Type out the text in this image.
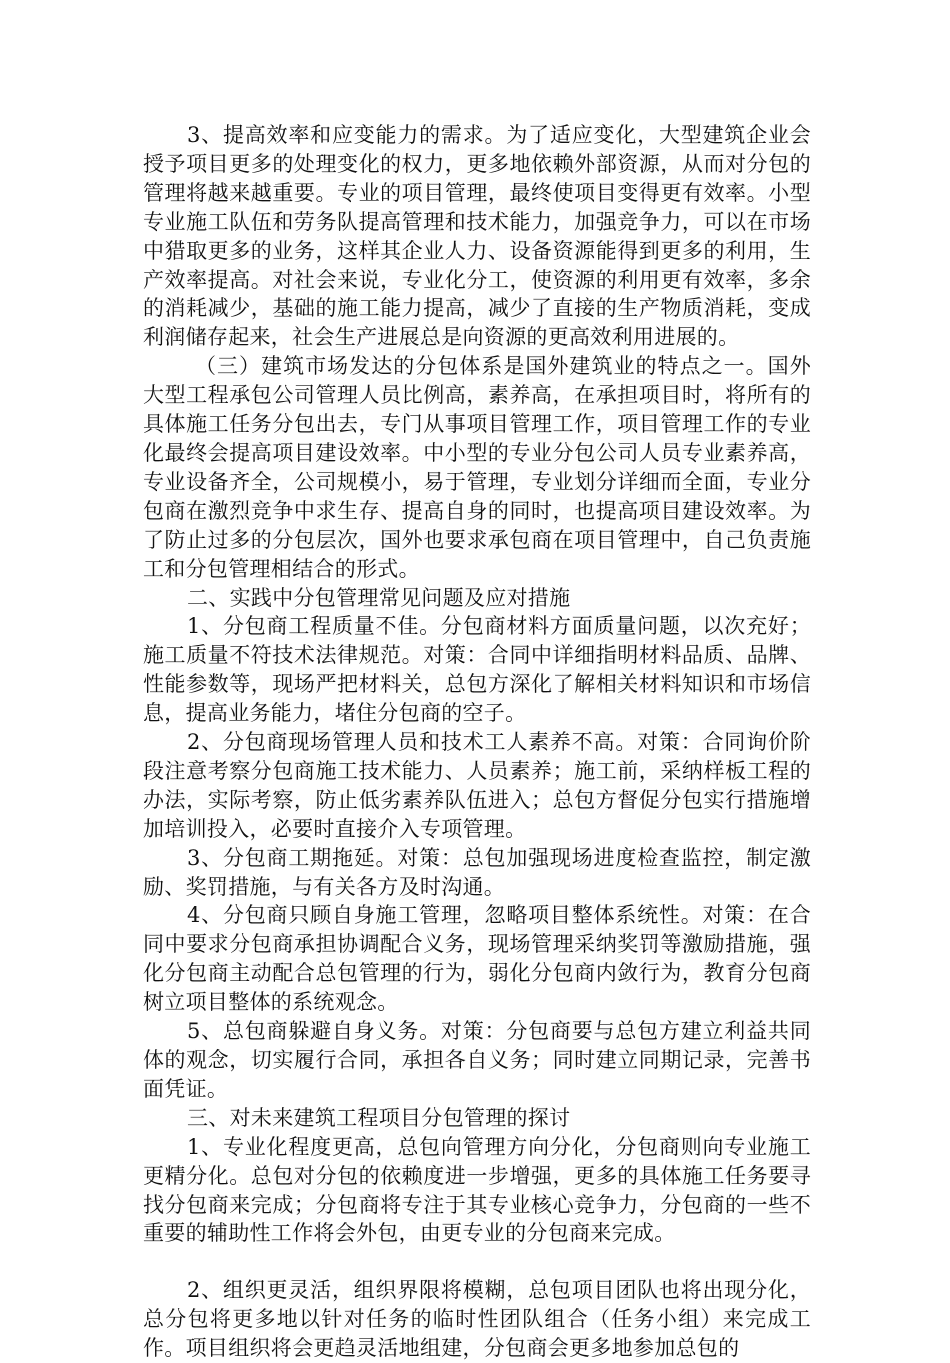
3、提高效率和应变能力的需求。为了适应变化，大型建筑企业会授予项目更多的处理变化的权力，更多地依赖外部资源，从而对分包的管理将越来越重要。专业的项目管理，最终使项目变得更有效率。小型专业施工队伍和劳务队提高管理和技术能力，加强竞争力，可以在市场中猎取更多的业务，这样其企业人力、设备资源能得到更多的利用，生产效率提高。对社会来说，专业化分工，使资源的利用更有效率，多余的消耗减少，基础的施工能力提高，减少了直接的生产物质消耗，变成利润储存起来，社会生产进展总是向资源的更高效利用进展的。

（三）建筑市场发达的分包体系是国外建筑业的特点之一。国外大型工程承包公司管理人员比例高，素养高，在承担项目时，将所有的具体施工任务分包出去，专门从事项目管理工作，项目管理工作的专业化最终会提高项目建设效率。中小型的专业分包公司人员专业素养高，专业设备齐全，公司规模小，易于管理，专业划分详细而全面，专业分包商在激烈竞争中求生存、提高自身的同时，也提高项目建设效率。为了防止过多的分包层次，国外也要求承包商在项目管理中，自己负责施工和分包管理相结合的形式。

二、实践中分包管理常见问题及应对措施

1、分包商工程质量不佳。分包商材料方面质量问题，以次充好；施工质量不符技术法律规范。对策：合同中详细指明材料品质、品牌、性能参数等，现场严把材料关，总包方深化了解相关材料知识和市场信息，提高业务能力，堵住分包商的空子。

2、分包商现场管理人员和技术工人素养不高。对策：合同询价阶段注意考察分包商施工技术能力、人员素养；施工前，采纳样板工程的办法，实际考察，防止低劣素养队伍进入；总包方督促分包实行措施增加培训投入，必要时直接介入专项管理。

3、分包商工期拖延。对策：总包加强现场进度检查监控，制定激励、奖罚措施，与有关各方及时沟通。

4、分包商只顾自身施工管理，忽略项目整体系统性。对策：在合同中要求分包商承担协调配合义务，现场管理采纳奖罚等激励措施，强化分包商主动配合总包管理的行为，弱化分包商内敛行为，教育分包商树立项目整体的系统观念。

5、总包商躲避自身义务。对策：分包商要与总包方建立利益共同体的观念，切实履行合同，承担各自义务；同时建立同期记录，完善书面凭证。

三、对未来建筑工程项目分包管理的探讨

1、专业化程度更高，总包向管理方向分化，分包商则向专业施工更精分化。总包对分包的依赖度进一步增强，更多的具体施工任务要寻找分包商来完成；分包商将专注于其专业核心竞争力，分包商的一些不重要的辅助性工作将会外包，由更专业的分包商来完成。

2、组织更灵活，组织界限将模糊，总包项目团队也将出现分化，总分包将更多地以针对任务的临时性团队组合（任务小组）来完成工作。项目组织将会更趋灵活地组建，分包商会更多地参加总包的
